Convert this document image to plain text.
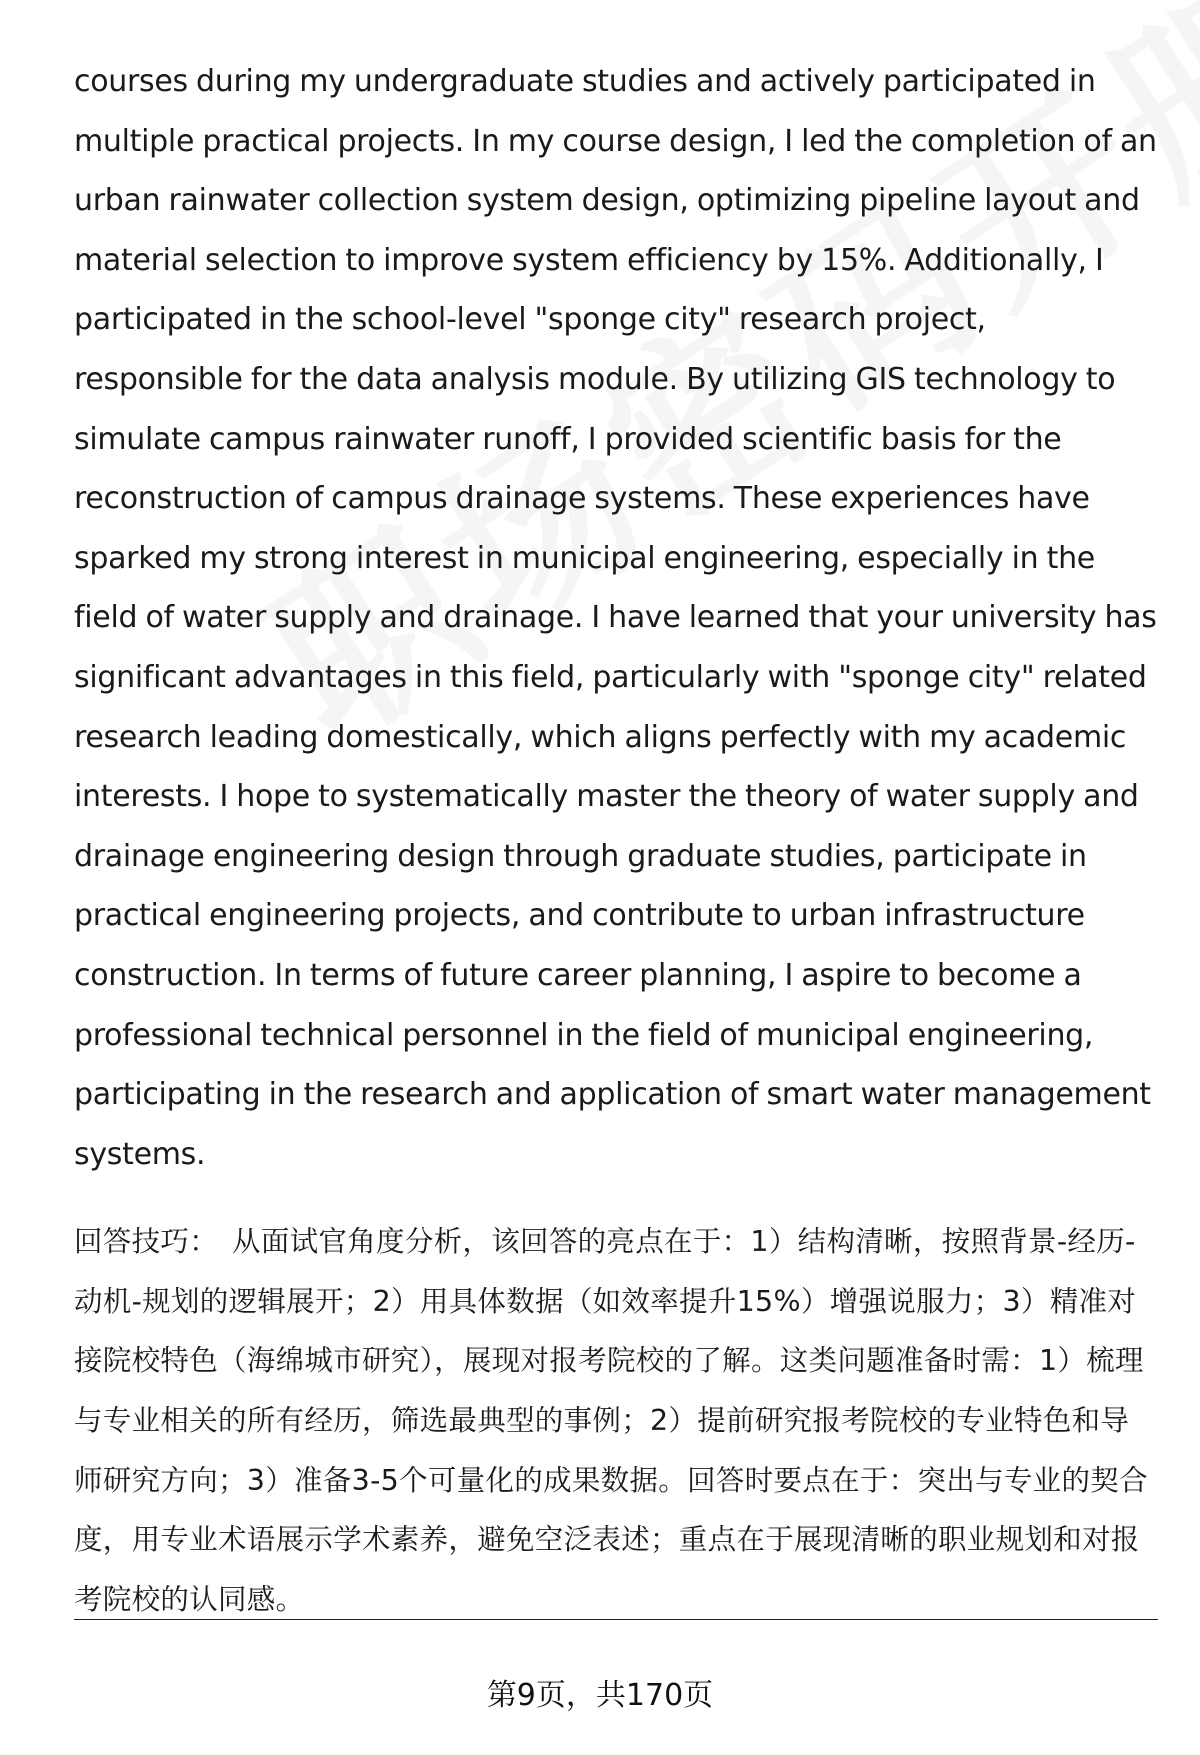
courses during my undergraduate studies and actively participated in multiple practical projects. In my course design, I led the completion of an urban rainwater collection system design, optimizing pipeline layout and material selection to improve system efficiency by 15%. Additionally, I participated in the school-level "sponge city" research project, responsible for the data analysis module. By utilizing GIS technology to simulate campus rainwater runoff, I provided scientific basis for the reconstruction of campus drainage systems. These experiences have sparked my strong interest in municipal engineering, especially in the field of water supply and drainage. I have learned that your university has significant advantages in this field, particularly with "sponge city" related research leading domestically, which aligns perfectly with my academic interests. I hope to systematically master the theory of water supply and drainage engineering design through graduate studies, participate in practical engineering projects, and contribute to urban infrastructure construction. In terms of future career planning, I aspire to become a professional technical personnel in the field of municipal engineering, participating in the research and application of smart water management systems.

回答技巧： 从面试官角度分析，该回答的亮点在于：1）结构清晰，按照背景-经历-动机-规划的逻辑展开；2）用具体数据（如效率提升15%）增强说服力；3）精准对接院校特色（海绵城市研究），展现对报考院校的了解。这类问题准备时需：1）梳理与专业相关的所有经历，筛选最典型的事例；2）提前研究报考院校的专业特色和导师研究方向；3）准备3-5个可量化的成果数据。回答时要点在于：突出与专业的契合度，用专业术语展示学术素养，避免空泛表述；重点在于展现清晰的职业规划和对报考院校的认同感。

第9页，共170页
